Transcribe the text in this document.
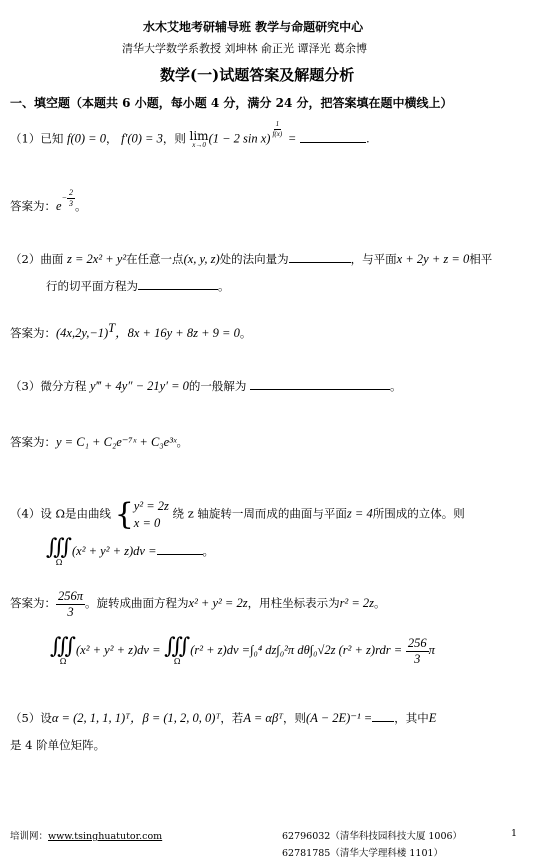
水木艾地考研辅导班 教学与命题研究中心
清华大学数学系教授 刘坤林 俞正光 谭泽光 葛余博
数学(一)试题答案及解题分析
一、填空题（本题共 6 小题，每小题 4 分，满分 24 分，把答案填在题中横线上）
（1）已知 f(0) = 0， f′(0) = 3，则 lim
x→0 (1 − 2 sin x)
$\frac{1}{f(x)}$
=	.
答案为：$e^{- \frac{2}{3}}$ 。
（2）曲面 z = 2x² + y²在任意一点(x, y, z)处的法向量为	，与平面x + 2y + z = 0相平
行的切平面方程为	。
答案为：$(4x,2y,-1)^T$，8x + 16y + 8z + 9 = 0。
（3）微分方程 y‴ + 4y″ − 21y′ = 0的一般解为	。
答案为：y = C₁ + C₂e⁻⁷ˣ + C₃e³ˣ。
（4）设 Ω是由曲线 { y² = 2z
x = 0
绕 z 轴旋转一周而成的曲面与平面z = 4所围成的立体。则
∭
Ω
(x² + y² + z)dv =	。
答案为： $\frac{256\pi}{3}$ 。旋转成曲面方程为x² + y² = 2z，用柱坐标表示为r² = 2z。
∭
Ω
(x² + y² + z)dv = ∭
Ω
(r² + z)dv =∫₀⁴ dz∫₀²π dθ∫₀√2z $(r^2 + z)rdr = \frac{256}{3}$ π
（5）设α = (2, 1, 1, 1)ᵀ，β = (1, 2, 0, 0)ᵀ，若A = αβᵀ，则(A − 2E)⁻¹ = ，其中E
是 4 阶单位矩阵。
培训网：www.tsinghuatutor.com	62796032（清华科技园科技大厦 1006）
62781785（清华大学理科楼 1101）
1
